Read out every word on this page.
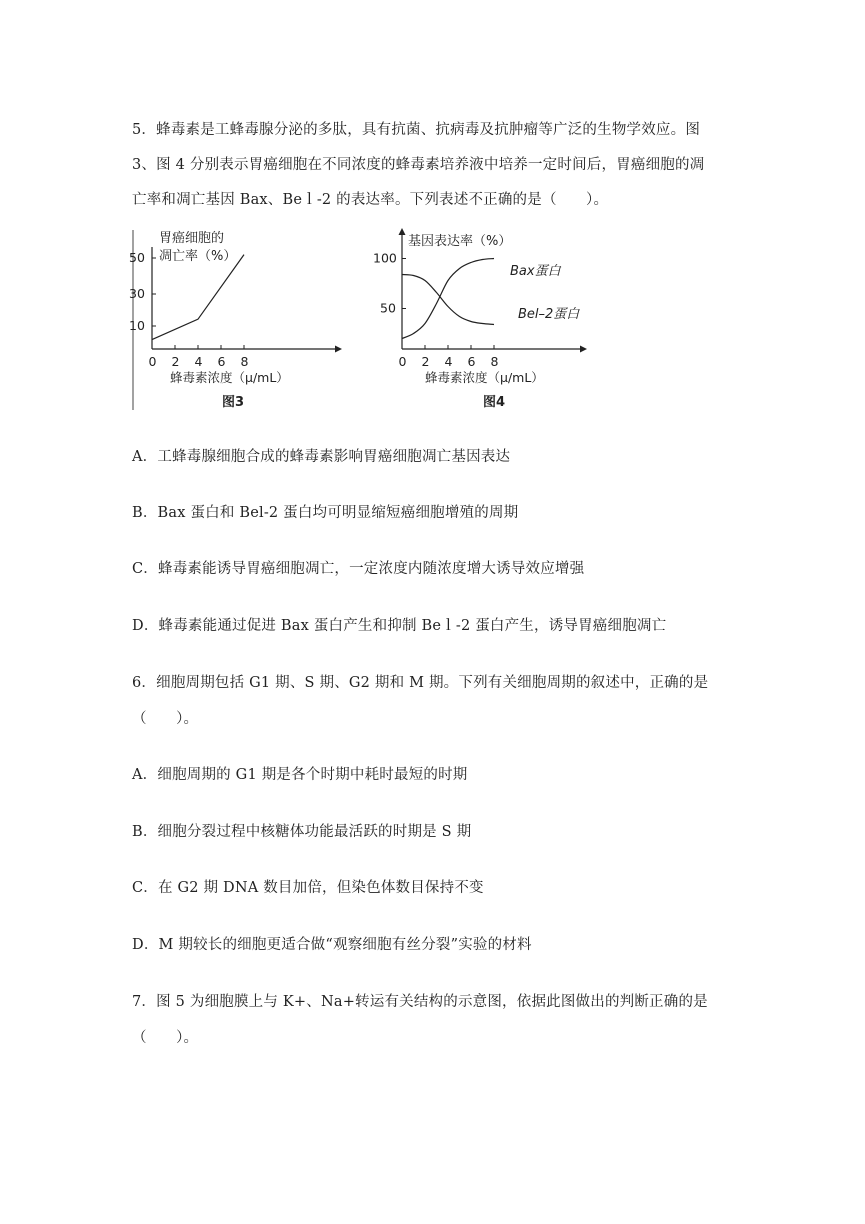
5．蜂毒素是工蜂毒腺分泌的多肽，具有抗菌、抗病毒及抗肿瘤等广泛的生物学效应。图
3、图 4 分别表示胃癌细胞在不同浓度的蜂毒素培养液中培养一定时间后，胃癌细胞的凋
亡率和凋亡基因 Bax、Beｌ-2 的表达率。下列表述不正确的是（　　）。
胃癌细胞的
凋亡率（%）
10
30
50
0 2 4 6 8
蜂毒素浓度（μ/mL）
图3
基因表达率（%）
50
100
0 2 4 6 8
Bax蛋白
Bel–2蛋白
蜂毒素浓度（μ/mL）
图4
A．工蜂毒腺细胞合成的蜂毒素影响胃癌细胞凋亡基因表达
B．Bax 蛋白和 Bel-2 蛋白均可明显缩短癌细胞增殖的周期
C．蜂毒素能诱导胃癌细胞凋亡，一定浓度内随浓度增大诱导效应增强
D．蜂毒素能通过促进 Bax 蛋白产生和抑制 Beｌ-2 蛋白产生，诱导胃癌细胞凋亡
6．细胞周期包括 G1 期、S 期、G2 期和 M 期。下列有关细胞周期的叙述中，正确的是
（　　）。
A．细胞周期的 G1 期是各个时期中耗时最短的时期
B．细胞分裂过程中核糖体功能最活跃的时期是 S 期
C．在 G2 期 DNA 数目加倍，但染色体数目保持不变
D．M 期较长的细胞更适合做“观察细胞有丝分裂”实验的材料
7．图 5 为细胞膜上与 K+、Na+转运有关结构的示意图，依据此图做出的判断正确的是
（　　）。
